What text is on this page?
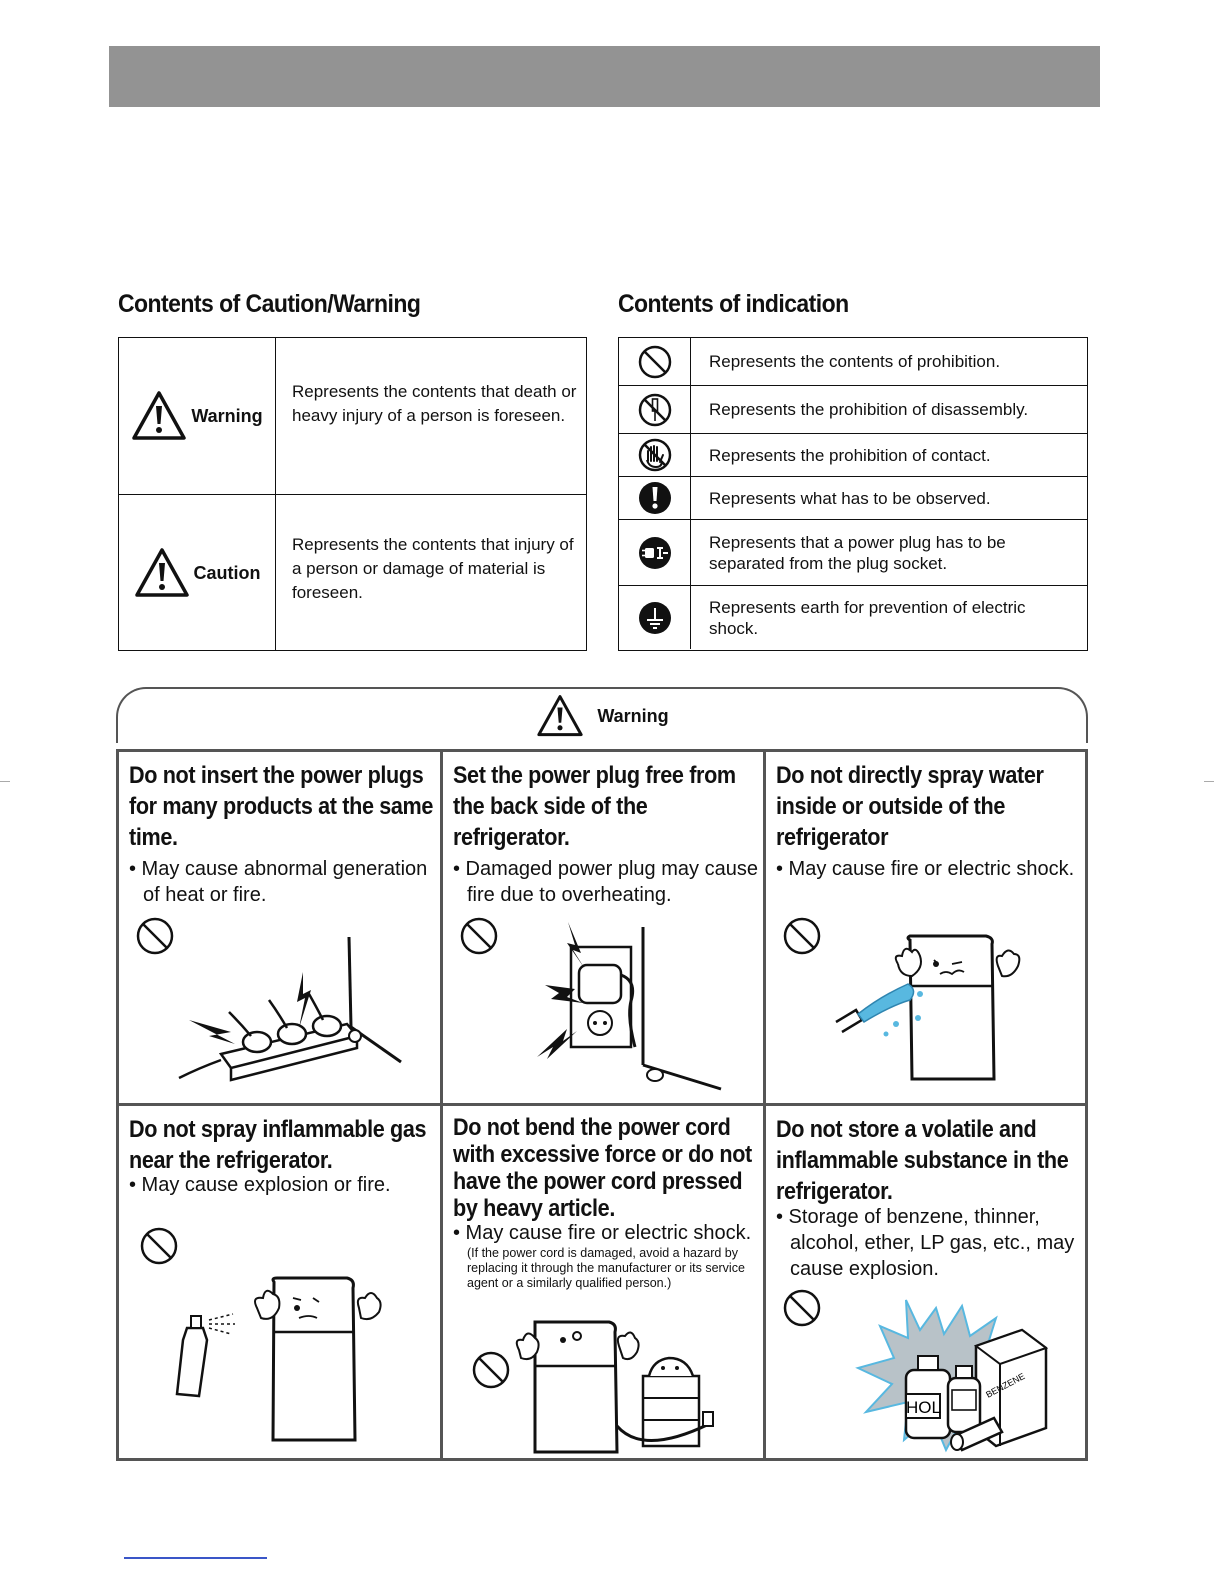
Contents of Caution/Warning	Contents of indication
Warning
Represents the contents that death or heavy injury of a person is foreseen.
Caution
Represents the contents that injury of a person or damage of material is foreseen.
Represents the contents of prohibition.
Represents the prohibition of disassembly.
Represents the prohibition of contact.
Represents what has to be observed.
Represents that a power plug has to be separated from the plug socket.
Represents earth for prevention of electric shock.
Warning
Do not insert the power plugs for many products at the same time.
• May cause abnormal generation of heat or fire.
Set the power plug free from the back side of the refrigerator.
• Damaged power plug may cause fire due to overheating.
Do not directly spray water inside or outside of the refrigerator
• May cause fire or electric shock.
Do not spray inflammable gas near the refrigerator.
• May cause explosion or fire.
Do not bend the power cord with excessive force or do not have the power cord pressed by heavy article.
• May cause fire or electric shock.
(If the power cord is damaged, avoid a hazard by replacing it through the manufacturer or its service agent or a similarly qualified person.)
Do not store a volatile and inflammable substance in the refrigerator.
• Storage of benzene, thinner, alcohol, ether, LP gas, etc., may cause explosion.
BENZENE
HOL
